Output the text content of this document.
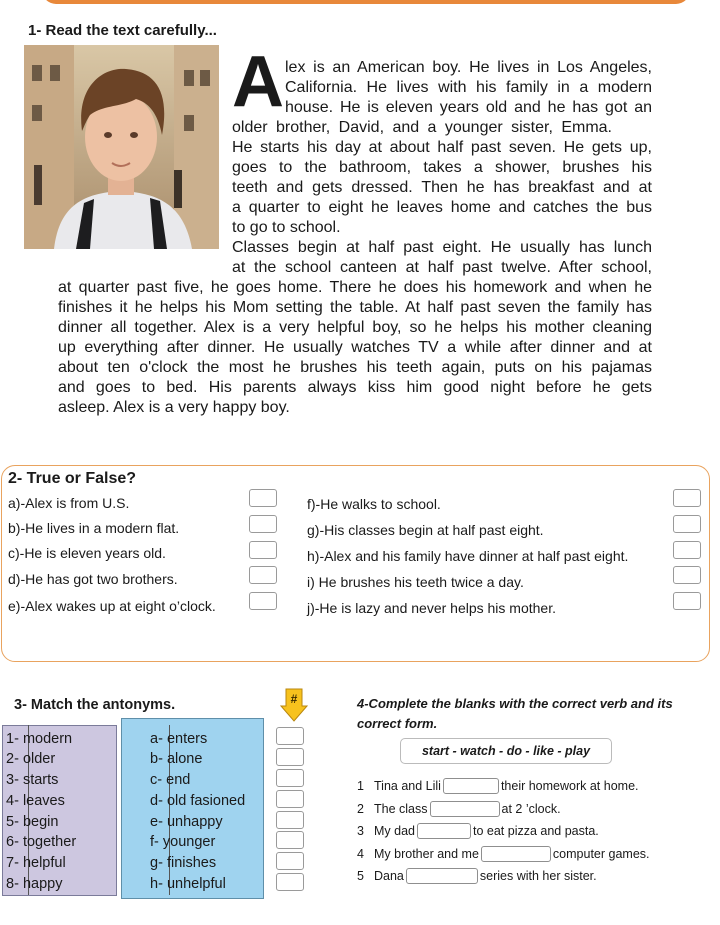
1- Read the text carefully...
A lex is an American boy. He lives in Los Angeles,
California. He lives with his family in a modern
house. He is eleven years old and he has got an
older brother, David, and a younger sister, Emma.
He starts his day at about half past seven. He gets up,
goes to the bathroom, takes a shower, brushes his
teeth and gets dressed. Then he has breakfast and at
a quarter to eight he leaves home and catches the bus
to go to school.
Classes begin at half past eight. He usually has lunch
at the school canteen at half past twelve. After school,
at quarter past five, he goes home. There he does his homework and when he
finishes it he helps his Mom setting the table. At half past seven the family has
dinner all together. Alex is a very helpful boy, so he helps his mother cleaning
up everything after dinner. He usually watches TV a while after dinner and at
about ten o'clock the most he brushes his teeth again, puts on his pajamas
and goes to bed. His parents always kiss him good night before he gets
asleep. Alex is a very happy boy.
2- True or False?
a)-Alex is from U.S.
b)-He lives in a modern flat.
c)-He is eleven years old.
d)-He has got two brothers.
e)-Alex wakes up at eight o’clock.
f)-He walks to school.
g)-His classes begin at half past eight.
h)-Alex and his family have dinner at half past eight.
i) He brushes his teeth twice a day.
j)-He is lazy and never helps his mother.
3- Match the antonyms.	#
1- modern
2- older
3- starts
4- leaves
5- begin
6- together
7- helpful
8- happy
a- enters
b- alone
c- end
d- old fasioned
e- unhappy
f- younger
g- finishes
h- unhelpful
4-Complete the blanks with the correct verb and its correct form.
start - watch - do - like - play
1 Tina and Lili	their homework at home.
2 The class	at 2 ’clock.
3 My dad	to eat pizza and pasta.
4 My brother and me	computer games.
5 Dana	series with her sister.
